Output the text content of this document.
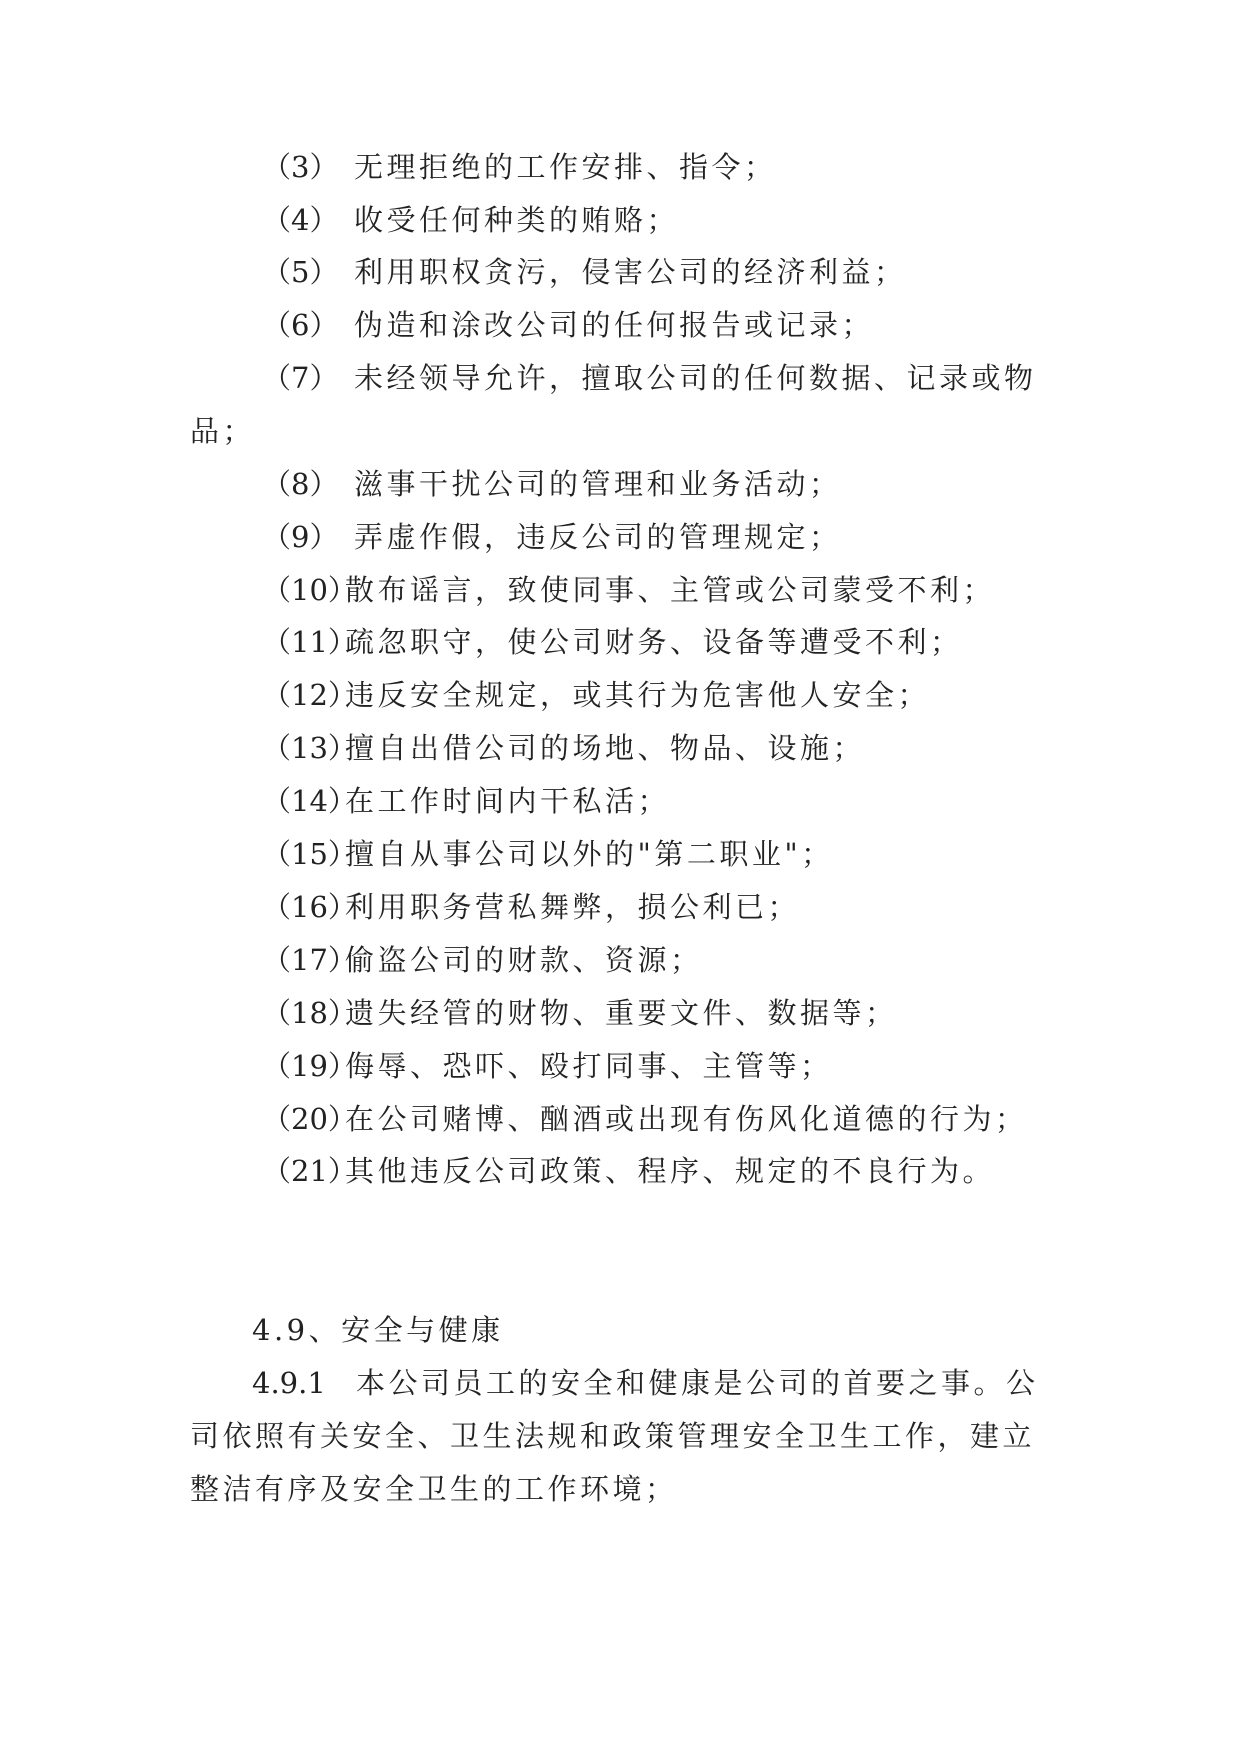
（3） 无理拒绝的工作安排、指令；
（4） 收受任何种类的贿赂；
（5） 利用职权贪污，侵害公司的经济利益；
（6） 伪造和涂改公司的任何报告或记录；
（7） 未经领导允许，擅取公司的任何数据、记录或物
品；
（8） 滋事干扰公司的管理和业务活动；
（9） 弄虚作假，违反公司的管理规定；
（10）散布谣言，致使同事、主管或公司蒙受不利；
（11）疏忽职守，使公司财务、设备等遭受不利；
（12）违反安全规定，或其行为危害他人安全；
（13）擅自出借公司的场地、物品、设施；
（14）在工作时间内干私活；
（15）擅自从事公司以外的"第二职业"；
（16）利用职务营私舞弊，损公利已；
（17）偷盗公司的财款、资源；
（18）遗失经管的财物、重要文件、数据等；
（19）侮辱、恐吓、殴打同事、主管等；
（20）在公司赌博、酗酒或出现有伤风化道德的行为；
（21）其他违反公司政策、程序、规定的不良行为。
4.9、安全与健康
4.9.1 本公司员工的安全和健康是公司的首要之事。公
司依照有关安全、卫生法规和政策管理安全卫生工作，建立
整洁有序及安全卫生的工作环境；
